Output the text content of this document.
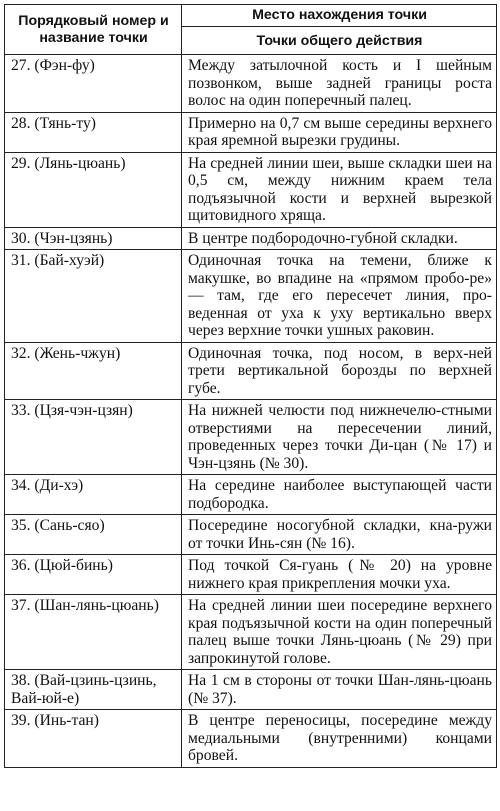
Порядковый номер и название точки	Место нахождения точки
	Точки общего действия
27. (Фэн-фу)	Между затылочной кость и I шейным позвонком, выше задней границы роста волос на один поперечный палец.
28. (Тянь-ту)	Примерно на 0,7 см выше середины верхнего края яремной вырезки грудины.
29. (Лянь-цюань)	На средней линии шеи, выше складки шеи на 0,5 см, между нижним краем тела подъязычной кости и верхней вырезкой щитовидного хряща.
30. (Чэн-цзянь)	В центре подбородочно-губной складки.
31. (Бай-хуэй)	Одиночная точка на темени, ближе к макушке, во впадине на «прямом пробо-ре» — там, где его пересечет линия, про-веденная от уха к уху вертикально вверх через верхние точки ушных раковин.
32. (Жень-чжун)	Одиночная точка, под носом, в верх-ней трети вертикальной борозды по верхней губе.
33. (Цзя-чэн-цзян)	На нижней челюсти под нижнечелю-стными отверстиями на пересечении линий, проведенных через точки Ди-цан (№ 17) и Чэн-цзянь (№ 30).
34. (Ди-хэ)	На середине наиболее выступающей части подбородка.
35. (Сань-сяо)	Посередине носогубной складки, кна-ружи от точки Инь-сян (№ 16).
36. (Цюй-бинь)	Под точкой Ся-гуань (№ 20) на уровне нижнего края прикрепления мочки уха.
37. (Шан-лянь-цюань)	На средней линии шеи посередине верхнего края подъязычной кости на один поперечный палец выше точки Лянь-цюань (№ 29) при запрокинутой голове.
38. (Вай-цзинь-цзинь, Вай-юй-е)	На 1 см в стороны от точки Шан-лянь-цюань (№ 37).
39. (Инь-тан)	В центре переносицы, посередине между медиальными (внутренними) концами бровей.
